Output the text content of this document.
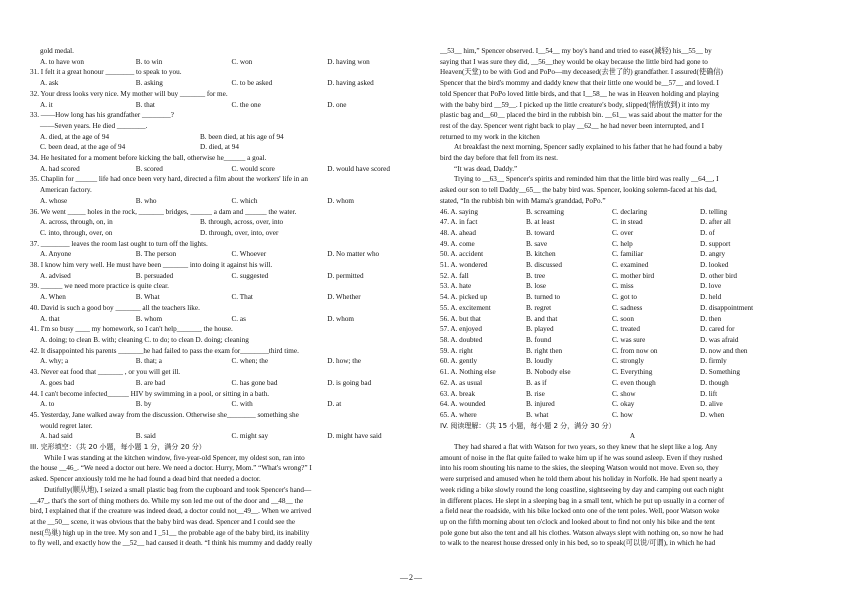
gold medal.
A. to have won	B. to win	C. won	D. having won
31. I felt it a great honour ________ to speak to you.
A. ask	B. asking	C. to be asked	D. having asked
32. Your dress looks very nice. My mother will buy _______ for me.
A. it	B. that	C. the one	D. one
33. ——How long has his grandfather ________?
——Seven years. He died ________.
A. died, at the age of 94	B. been died, at his age of 94
C. been dead, at the age of 94	D. died, at 94
34. He hesitated for a moment before kicking the ball, otherwise he______ a goal.
A. had scored	B. scored	C. would score	D. would have scored
35. Chaplin for ______ life had once been very hard, directed a film about the workers' life in an
American factory.
A. whose	B. who	C. which	D. whom
36. We went _____ holes in the rock, _______ bridges, ______ a dam and ______ the water.
A. across, through, on, in	B. through, across, over, into
C. into, through, over, on	D. through, over, into, over
37. ________ leaves the room last ought to turn off the lights.
A. Anyone	B. The person	C. Whoever	D. No matter who
38. I know him very well. He must have been _______ into doing it against his will.
A. advised	B. persuaded	C. suggested	D. permitted
39. ______ we need more practice is quite clear.
A. When	B. What	C. That	D. Whether
40. David is such a good boy _______ all the teachers like.
A. that	B. whom	C. as	D. whom
41. I'm so busy ____ my homework, so I can't help_______ the house.
A. doing; to clean B. with; cleaning C. to do; to clean D. doing; cleaning
42. It disappointed his parents _______he had failed to pass the exam for________third time.
A. why; a	B. that; a	C. when; the	D. how; the
43. Never eat food that _______ , or you will get ill.
A. goes bad	B. are bad	C. has gone bad	D. is going bad
44. I can't become infected______ HIV by swimming in a pool, or sitting in a bath.
A. to	B. by	C. with	D. at
45. Yesterday, Jane walked away from the discussion. Otherwise she________ something she
would regret later.
A. had said	B. said	C. might say	D. might have said
III. 完形填空：（共 20 小题，每小题 1 分，满分 20 分）
While I was standing at the kitchen window, five-year-old Spencer, my oldest son, ran into
the house __46_. “We need a doctor out here. We need a doctor. Hurry, Mom.” “What's wrong?” I
asked. Spencer anxiously told me he had found a dead bird that needed a doctor.
Dutifully(顺从地), I seized a small plastic bag from the cupboard and took Spencer's hand—
__47_, that's the sort of thing mothers do. While my son led me out of the door and __48__ the
bird, I explained that if the creature was indeed dead, a doctor could not__49__. When we arrived
at the __50__ scene, it was obvious that the baby bird was dead. Spencer and I could see the
nest(鸟巢) high up in the tree. My son and I _51__ the probable age of the baby bird, its inability
to fly well, and exactly how the __52__ had caused it death. “I think his mummy and daddy really
__53__ him,” Spencer observed. I__54__ my boy's hand and tried to ease(减轻) his__55__ by
saying that I was sure they did, __56__they would be okay because the little bird had gone to
Heaven(天堂) to be with God and PoPo—my deceased(去世了的) grandfather. I assured(使确信)
Spencer that the bird's mommy and daddy knew that their little one would be__57__ and loved. I
told Spencer that PoPo loved little birds, and that I__58__ he was in Heaven holding and playing
with the baby bird __59__. I picked up the little creature's body, slipped(悄悄放到) it into my
plastic bag and__60__ placed the bird in the rubbish bin. __61__ was said about the matter for the
rest of the day. Spencer went right back to play __62__ he had never been interrupted, and I
returned to my work in the kitchen
At breakfast the next morning, Spencer sadly explained to his father that he had found a baby
bird the day before that fell from its nest.
“It was dead, Daddy.”
Trying to __63__ Spencer's spirits and reminded him that the little bird was really __64__, I
asked our son to tell Daddy__65__ the baby bird was. Spencer, looking solemn-faced at his dad,
stated, “In the rubbish bin with Mama's granddad, PoPo.”
46. A. saying	B. screaming	C. declaring	D. telling
47. A. in fact	B. at least	C. in stead	D. after all
48. A. ahead	B. toward	C. over	D. of
49. A. come	B. save	C. help	D. support
50. A. accident	B. kitchen	C. familiar	D. angry
51. A. wondered	B. discussed	C. examined	D. looked
52. A. fall	B. tree	C. mother bird	D. other bird
53. A. hate	B. lose	C. miss	D. love
54. A. picked up	B. turned to	C. got to	D. held
55. A. excitement	B. regret	C. sadness	D. disappointment
56. A. but that	B. and that	C. soon	D. then
57. A. enjoyed	B. played	C. treated	D. cared for
58. A. doubted	B. found	C. was sure	D. was afraid
59. A. right	B. right then	C. from now on	D. now and then
60. A. gently	B. loudly	C. strongly	D. firmly
61. A. Nothing else	B. Nobody else	C. Everything	D. Something
62. A. as usual	B. as if	C. even though	D. though
63. A. break	B. rise	C. show	D. lift
64. A. wounded	B. injured	C. okay	D. alive
65. A. where	B. what	C. how	D. when
IV. 阅读理解：（共 15 小题，每小题 2 分，满分 30 分）
A
They had shared a flat with Watson for two years, so they knew that he slept like a log. Any
amount of noise in the flat quite failed to wake him up if he was sound asleep. Even if they rushed
into his room shouting his name to the skies, the sleeping Watson would not move. Even so, they
were surprised and amused when he told them about his holiday in Norfolk. He had spent nearly a
week riding a bike slowly round the long coastline, sightseeing by day and camping out each night
in different places. He slept in a sleeping bag in a small tent, which he put up usually in a corner of
a field near the roadside, with his bike locked onto one of the tent poles. Well, poor Watson woke
up on the fifth morning about ten o'clock and looked about to find not only his bike and the tent
pole gone but also the tent and all his clothes. Watson always slept with nothing on, so now he had
to walk to the nearest house dressed only in his bed, so to speak(可以说/可谓), in which he had
—2—
